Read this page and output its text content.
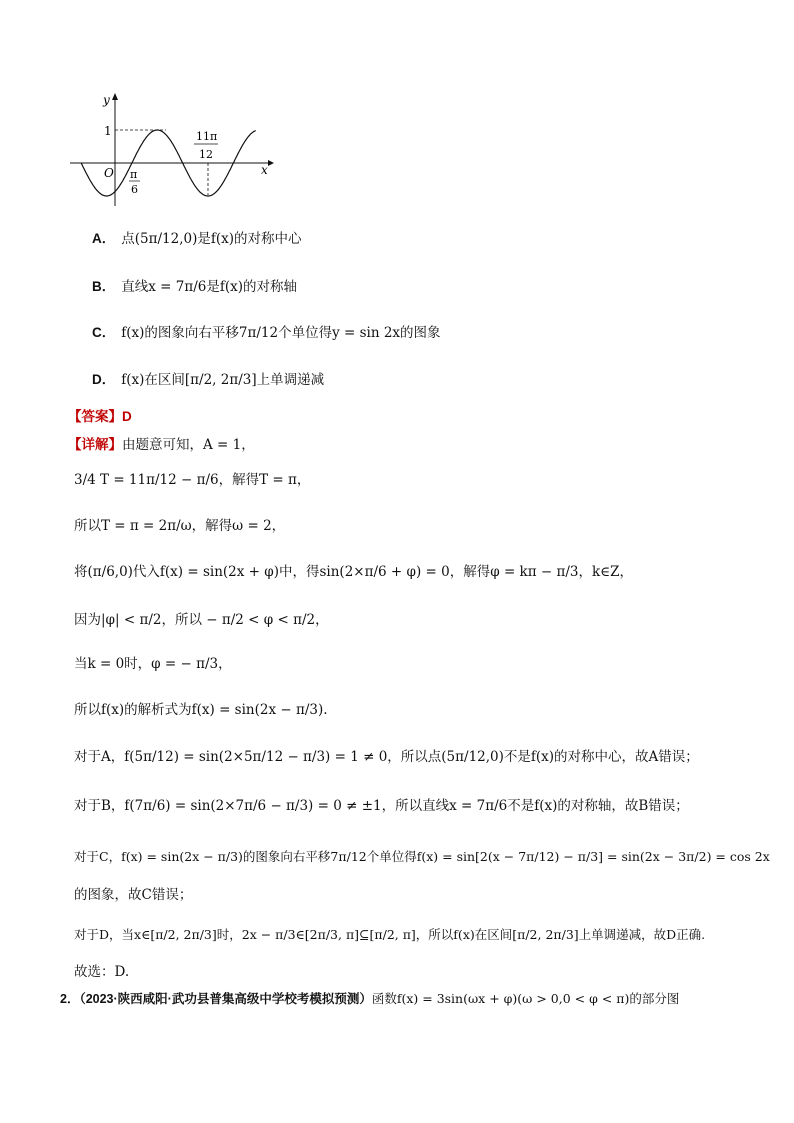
y
x
O
1
π
6
11π
12
A． 点(5π/12,0)是f(x)的对称中心
B． 直线x = 7π/6是f(x)的对称轴
C． f(x)的图象向右平移7π/12个单位得y = sin 2x的图象
D． f(x)在区间[π/2, 2π/3]上单调递减
【答案】D
【详解】由题意可知，A = 1，
3/4 T = 11π/12 − π/6，解得T = π，
所以T = π = 2π/ω，解得ω = 2，
将(π/6,0)代入f(x) = sin(2x + φ)中，得sin(2×π/6 + φ) = 0，解得φ = kπ − π/3，k∈Z，
因为|φ| < π/2，所以 − π/2 < φ < π/2，
当k = 0时，φ = − π/3，
所以f(x)的解析式为f(x) = sin(2x − π/3).
对于A，f(5π/12) = sin(2×5π/12 − π/3) = 1 ≠ 0，所以点(5π/12,0)不是f(x)的对称中心，故A错误；
对于B，f(7π/6) = sin(2×7π/6 − π/3) = 0 ≠ ±1，所以直线x = 7π/6不是f(x)的对称轴，故B错误；
对于C，f(x) = sin(2x − π/3)的图象向右平移7π/12个单位得f(x) = sin[2(x − 7π/12) − π/3] = sin(2x − 3π/2) = cos 2x
的图象，故C错误；
对于D，当x∈[π/2, 2π/3]时，2x − π/3∈[2π/3, π]⊆[π/2, π]，所以f(x)在区间[π/2, 2π/3]上单调递减，故D正确.
故选：D.
2．（2023·陕西咸阳·武功县普集高级中学校考模拟预测）函数f(x) = 3sin(ωx + φ)(ω > 0,0 < φ < π)的部分图
